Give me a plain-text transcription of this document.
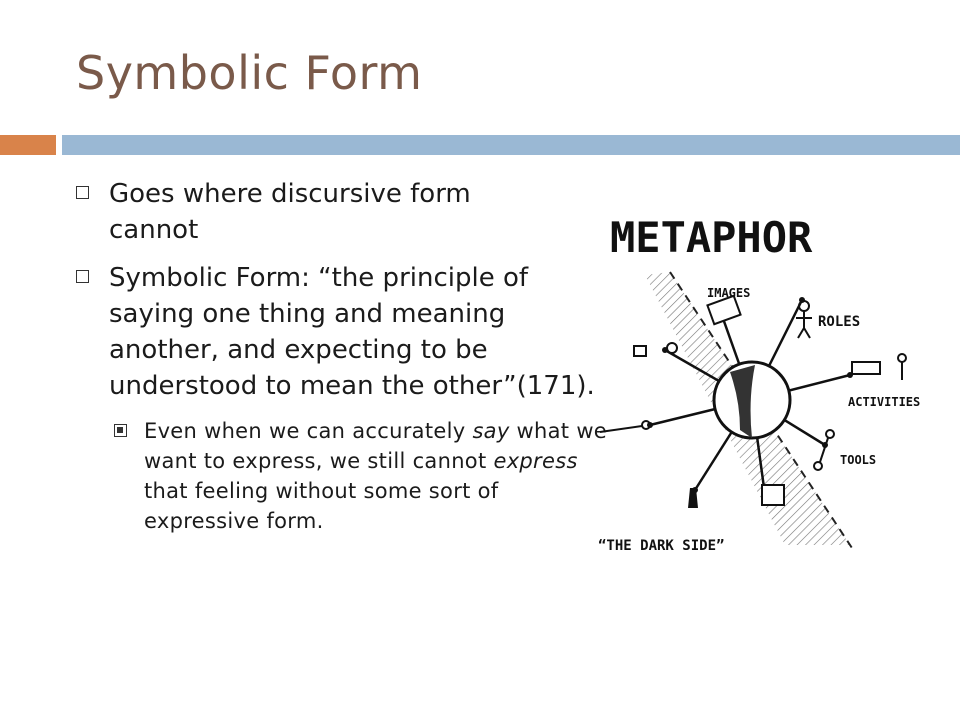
Symbolic Form
Goes where discursive form cannot
Symbolic Form: “the principle of saying one thing and meaning another, and expecting to be understood to mean the other”(171).
Even when we can accurately say what we want to express, we still cannot express that feeling without some sort of expressive form.
METAPHOR
IMAGES
ROLES
ACTIVITIES
TOOLS
“THE DARK SIDE”
